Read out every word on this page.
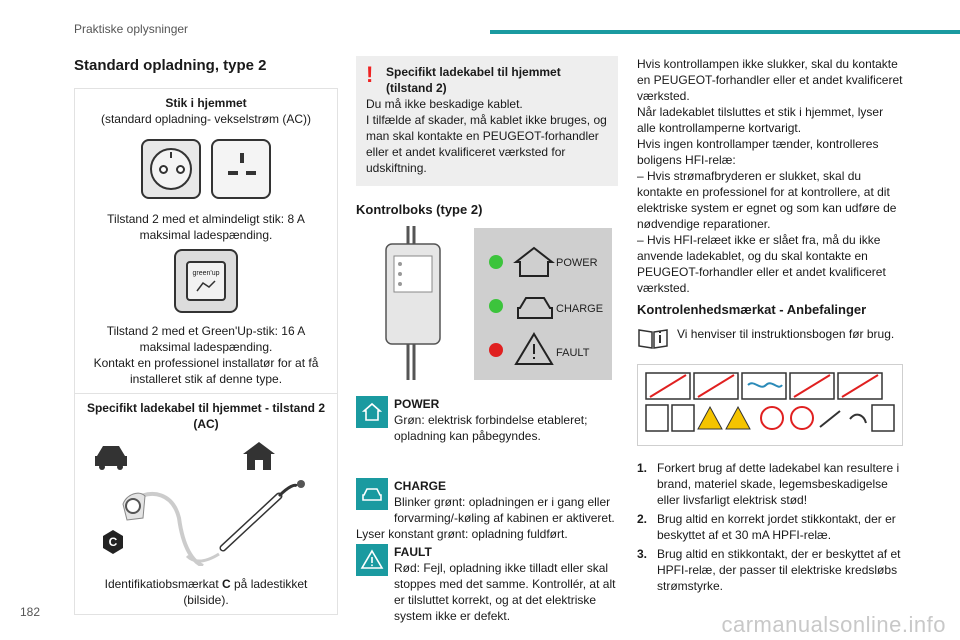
Praktiske oplysninger
Standard opladning, type 2
Stik i hjemmet
(standard opladning- vekselstrøm (AC))
Tilstand 2 med et almindeligt stik: 8 A maksimal ladespænding.
green'up

Tilstand 2 med et Green'Up-stik: 16 A maksimal ladespænding.
Kontakt en professionel installatør for at få installeret stik af denne type.
Specifikt ladekabel til hjemmet - tilstand 2 (AC)
C
Identifikatiobsmærkat C på ladestikket (bilside).
!	Specifikt ladekabel til hjemmet (tilstand 2)
Du må ikke beskadige kablet.
I tilfælde af skader, må kablet ikke bruges, og man skal kontakte en PEUGEOT-forhandler eller et andet kvalificeret værksted for udskiftning.
Kontrolboks (type 2)
POWER
CHARGE
FAULT
POWER
Grøn: elektrisk forbindelse etableret; opladning kan påbegyndes.
CHARGE
Blinker grønt: opladningen er i gang eller forvarming/-køling af kabinen er aktiveret.
Lyser konstant grønt: opladning fuldført.
FAULT
Rød: Fejl, opladning ikke tilladt eller skal stoppes med det samme. Kontrollér, at alt er tilsluttet korrekt, og at det elektriske system ikke er defekt.
Hvis kontrollampen ikke slukker, skal du kontakte en PEUGEOT-forhandler eller et andet kvalificeret værksted.
Når ladekablet tilsluttes et stik i hjemmet, lyser alle kontrollamperne kortvarigt.
Hvis ingen kontrollamper tænder, kontrolleres boligens HFI-relæ:
– Hvis strømafbryderen er slukket, skal du kontakte en professionel for at kontrollere, at dit elektriske system er egnet og som kan udføre de nødvendige reparationer.
– Hvis HFI-relæet ikke er slået fra, må du ikke anvende ladekablet, og du skal kontakte en PEUGEOT-forhandler eller et andet kvalificeret værksted.
Kontrolenhedsmærkat - Anbefalinger
Vi henviser til instruktionsbogen før brug.
1. Forkert brug af dette ladekabel kan resultere i brand, materiel skade, legemsbeskadigelse eller livsfarligt elektrisk stød!
2. Brug altid en korrekt jordet stikkontakt, der er beskyttet af et 30 mA HPFI-relæ.
3. Brug altid en stikkontakt, der er beskyttet af et HPFI-relæ, der passer til elektriske kredsløbs strømstyrke.
182	carmanualsonline.info
